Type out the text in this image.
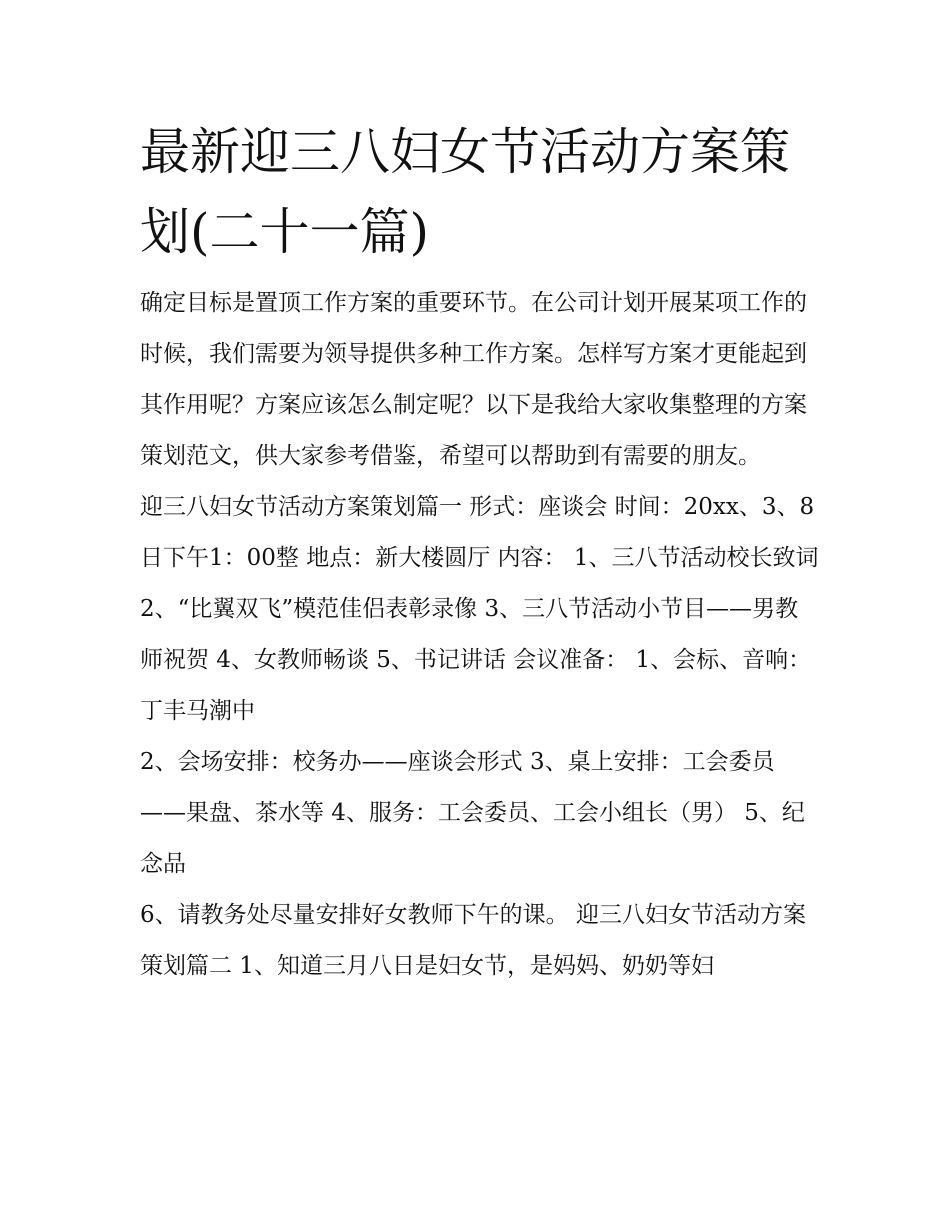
最新迎三八妇女节活动方案策划(二十一篇)

确定目标是置顶工作方案的重要环节。在公司计划开展某项工作的时候，我们需要为领导提供多种工作方案。怎样写方案才更能起到其作用呢？方案应该怎么制定呢？以下是我给大家收集整理的方案策划范文，供大家参考借鉴，希望可以帮助到有需要的朋友。

迎三八妇女节活动方案策划篇一 形式：座谈会 时间：20xx、3、8日下午1：00整 地点：新大楼圆厅 内容： 1、三八节活动校长致词

2、“比翼双飞”模范佳侣表彰录像 3、三八节活动小节目——男教师祝贺 4、女教师畅谈 5、书记讲话 会议准备： 1、会标、音响：丁丰马潮中

2、会场安排：校务办——座谈会形式 3、桌上安排：工会委员——果盘、茶水等 4、服务：工会委员、工会小组长（男） 5、纪念品

6、请教务处尽量安排好女教师下午的课。 迎三八妇女节活动方案策划篇二 1、知道三月八日是妇女节，是妈妈、奶奶等妇
